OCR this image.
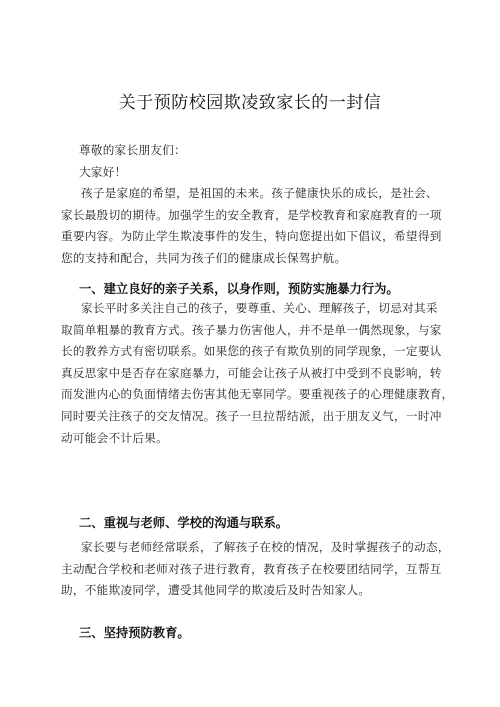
关于预防校园欺凌致家长的一封信
尊敬的家长朋友们：
大家好！
孩子是家庭的希望，是祖国的未来。孩子健康快乐的成长，是社会、
家长最殷切的期待。加强学生的安全教育，是学校教育和家庭教育的一项
重要内容。为防止学生欺凌事件的发生，特向您提出如下倡议，希望得到
您的支持和配合，共同为孩子们的健康成长保驾护航。
一、建立良好的亲子关系，以身作则，预防实施暴力行为。
家长平时多关注自己的孩子，要尊重、关心、理解孩子，切忌对其采
取简单粗暴的教育方式。孩子暴力伤害他人，并不是单一偶然现象，与家
长的教养方式有密切联系。如果您的孩子有欺负别的同学现象，一定要认
真反思家中是否存在家庭暴力，可能会让孩子从被打中受到不良影响，转
而发泄内心的负面情绪去伤害其他无辜同学。要重视孩子的心理健康教育，
同时要关注孩子的交友情况。孩子一旦拉帮结派，出于朋友义气，一时冲
动可能会不计后果。
二、重视与老师、学校的沟通与联系。
家长要与老师经常联系，了解孩子在校的情况，及时掌握孩子的动态，
主动配合学校和老师对孩子进行教育，教育孩子在校要团结同学，互帮互
助，不能欺凌同学，遭受其他同学的欺凌后及时告知家人。
三、坚持预防教育。
